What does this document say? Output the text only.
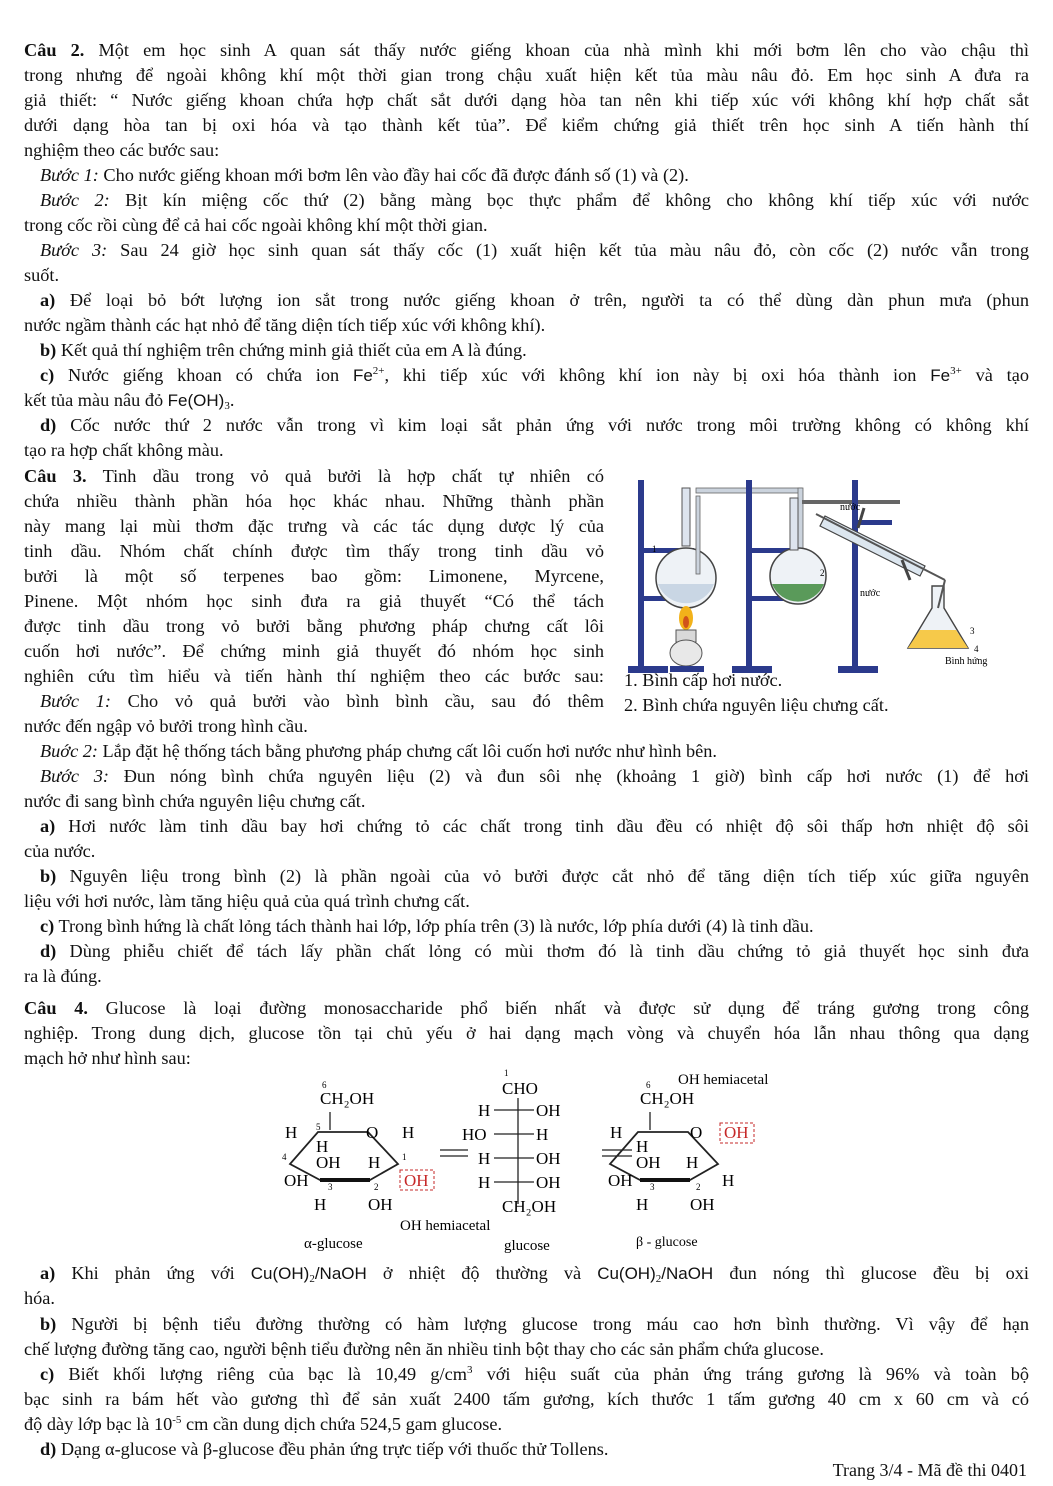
Câu 2. Một em học sinh A quan sát thấy nước giếng khoan của nhà mình khi mới bơm lên cho vào chậu thì
trong nhưng để ngoài không khí một thời gian trong chậu xuất hiện kết tủa màu nâu đỏ. Em học sinh A đưa ra
giả thiết: “ Nước giếng khoan chứa hợp chất sắt dưới dạng hòa tan nên khi tiếp xúc với không khí hợp chất sắt
dưới dạng hòa tan bị oxi hóa và tạo thành kết tủa”. Để kiểm chứng giả thiết trên học sinh A tiến hành thí
nghiệm theo các bước sau:
Bước 1: Cho nước giếng khoan mới bơm lên vào đầy hai cốc đã được đánh số (1) và (2).
Bước 2: Bịt kín miệng cốc thứ (2) bằng màng bọc thực phẩm để không cho không khí tiếp xúc với nước
trong cốc rồi cùng để cả hai cốc ngoài không khí một thời gian.
Bước 3: Sau 24 giờ học sinh quan sát thấy cốc (1) xuất hiện kết tủa màu nâu đỏ, còn cốc (2) nước vẫn trong
suốt.
a) Để loại bỏ bớt lượng ion sắt trong nước giếng khoan ở trên, người ta có thể dùng dàn phun mưa (phun
nước ngầm thành các hạt nhỏ để tăng diện tích tiếp xúc với không khí).
b) Kết quả thí nghiệm trên chứng minh giả thiết của em A là đúng.
c) Nước giếng khoan có chứa ion $Fe^{2+}$, khi tiếp xúc với không khí ion này bị oxi hóa thành ion $Fe^{3+}$ và tạo
kết tủa màu nâu đỏ $Fe(OH)_3$.
d) Cốc nước thứ 2 nước vẫn trong vì kim loại sắt phản ứng với nước trong môi trường không có không khí
tạo ra hợp chất không màu.
Câu 3. Tinh dầu trong vỏ quả bưởi là hợp chất tự nhiên có
chứa nhiều thành phần hóa học khác nhau. Những thành phần
này mang lại mùi thơm đặc trưng và các tác dụng dược lý của
tinh dầu. Nhóm chất chính được tìm thấy trong tinh dầu vỏ
bưởi là một số terpenes bao gồm: Limonene, Myrcene,
Pinene. Một nhóm học sinh đưa ra giả thuyết “Có thể tách
được tinh dầu trong vỏ bưởi bằng phương pháp chưng cất lôi
cuốn hơi nước”. Để chứng minh giả thuyết đó nhóm học sinh
nghiên cứu tìm hiểu và tiến hành thí nghiệm theo các bước sau:
Bước 1: Cho vỏ quả bưởi vào bình bình cầu, sau đó thêm
nước đến ngập vỏ bưởi trong hình cầu.
Buớc 2: Lắp đặt hệ thống tách bằng phương pháp chưng cất lôi cuốn hơi nước như hình bên.
Bước 3: Đun nóng bình chứa nguyên liệu (2) và đun sôi nhẹ (khoảng 1 giờ) bình cấp hơi nước (1) để hơi
nước đi sang bình chứa nguyên liệu chưng cất.
a) Hơi nước làm tinh dầu bay hơi chứng tỏ các chất trong tinh dầu đều có nhiệt độ sôi thấp hơn nhiệt độ sôi
của nước.
b) Nguyên liệu trong bình (2) là phần ngoài của vỏ bưởi được cắt nhỏ để tăng diện tích tiếp xúc giữa nguyên
liệu với hơi nước, làm tăng hiệu quả của quá trình chưng cất.
c) Trong bình hứng là chất lỏng tách thành hai lớp, lớp phía trên (3) là nước, lớp phía dưới (4) là tinh dầu.
d) Dùng phiễu chiết để tách lấy phần chất lỏng có mùi thơm đó là tinh dầu chứng tỏ giả thuyết học sinh đưa
ra là đúng.
nước
nước
Bình hứng
1
2
3
4
1. Bình cấp hơi nước.
2. Bình chứa nguyên liệu chưng cất.
Câu 4. Glucose là loại đường monosaccharide phổ biến nhất và được sử dụng để tráng gương trong công
nghiệp. Trong dung dịch, glucose tồn tại chủ yếu ở hai dạng mạch vòng và chuyển hóa lẫn nhau thông qua dạng
mạch hở như hình sau:
CH₂OH
6
O
H	H
5
H
OH H
4
OH
1
OH
3	2
H OH
α-glucose
OH hemiacetal
1
CHO
H	OH
HO	H
H	OH
H	OH
CH₂OH
glucose
CH₂OH
6
O OH
H
H
OH H
OH	H
3	2
H OH
OH hemiacetal
β - glucose
a) Khi phản ứng với $Cu(OH)_2$/NaOH ở nhiệt độ thường và $Cu(OH)_2$/NaOH đun nóng thì glucose đều bị oxi
hóa.
b) Người bị bệnh tiểu đường thường có hàm lượng glucose trong máu cao hơn bình thường. Vì vậy để hạn
chế lượng đường tăng cao, người bệnh tiểu đường nên ăn nhiều tinh bột thay cho các sản phẩm chứa glucose.
c) Biết khối lượng riêng của bạc là 10,49 $g/cm^3$ với hiệu suất của phản ứng tráng gương là 96% và toàn bộ
bạc sinh ra bám hết vào gương thì để sản xuất 2400 tấm gương, kích thước 1 tấm gương 40 cm x 60 cm và có
độ dày lớp bạc là $10^{-5}$ cm cần dung dịch chứa 524,5 gam glucose.
d) Dạng α-glucose và β-glucose đều phản ứng trực tiếp với thuốc thử Tollens.
Trang 3/4 - Mã đề thi 0401
